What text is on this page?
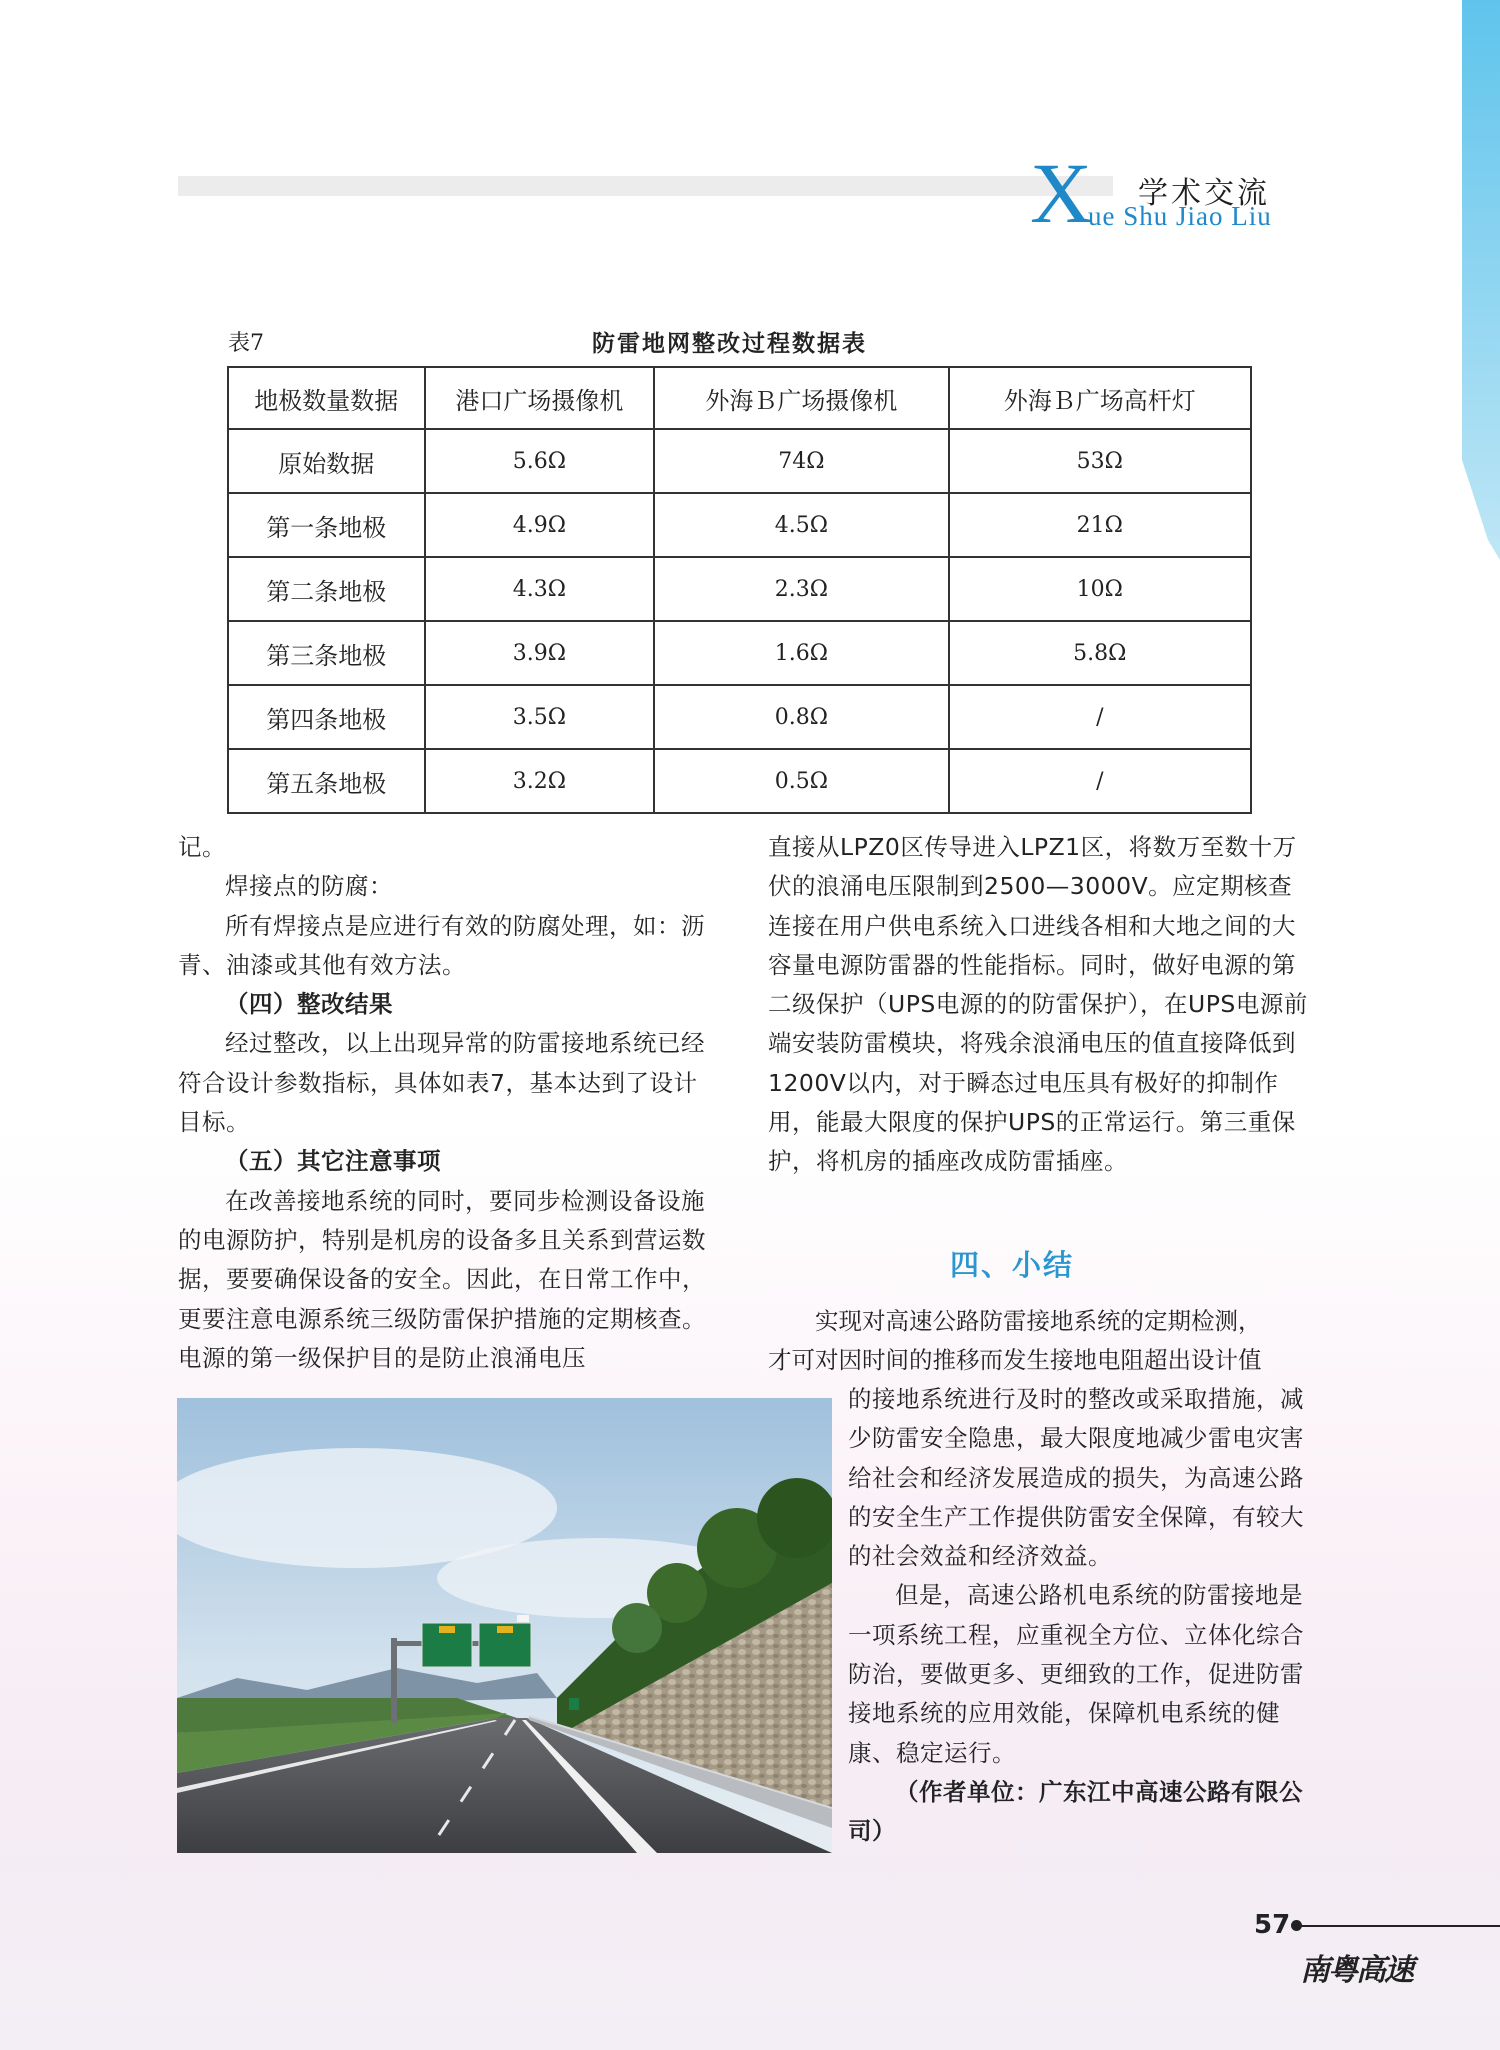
X 学术交流
ue Shu Jiao Liu
表7	防雷地网整改过程数据表
地极数量数据	港口广场摄像机	外海Ｂ广场摄像机	外海Ｂ广场高杆灯
原始数据	5.6Ω	74Ω	53Ω
第一条地极	4.9Ω	4.5Ω	21Ω
第二条地极	4.3Ω	2.3Ω	10Ω
第三条地极	3.9Ω	1.6Ω	5.8Ω
第四条地极	3.5Ω	0.8Ω	/
第五条地极	3.2Ω	0.5Ω	/

记。

焊接点的防腐：

所有焊接点是应进行有效的防腐处理，如：沥青、油漆或其他有效方法。

（四）整改结果

经过整改，以上出现异常的防雷接地系统已经符合设计参数指标，具体如表7，基本达到了设计目标。

（五）其它注意事项

在改善接地系统的同时，要同步检测设备设施的电源防护，特别是机房的设备多且关系到营运数据，要要确保设备的安全。因此，在日常工作中，更要注意电源系统三级防雷保护措施的定期核查。电源的第一级保护目的是防止浪涌电压

直接从LPZ0区传导进入LPZ1区，将数万至数十万伏的浪涌电压限制到2500—3000V。应定期核查连接在用户供电系统入口进线各相和大地之间的大容量电源防雷器的性能指标。同时，做好电源的第二级保护（UPS电源的的防雷保护），在UPS电源前端安装防雷模块，将残余浪涌电压的值直接降低到1200V以内，对于瞬态过电压具有极好的抑制作用，能最大限度的保护UPS的正常运行。第三重保护，将机房的插座改成防雷插座。

四、小结

实现对高速公路防雷接地系统的定期检测，

才可对因时间的推移而发生接地电阻超出设计值

的接地系统进行及时的整改或采取措施，减少防雷安全隐患，最大限度地减少雷电灾害给社会和经济发展造成的损失，为高速公路的安全生产工作提供防雷安全保障，有较大的社会效益和经济效益。

但是，高速公路机电系统的防雷接地是一项系统工程，应重视全方位、立体化综合防治，要做更多、更细致的工作，促进防雷接地系统的应用效能，保障机电系统的健康、稳定运行。

（作者单位：广东江中高速公路有限公司）

57
南粤高速
